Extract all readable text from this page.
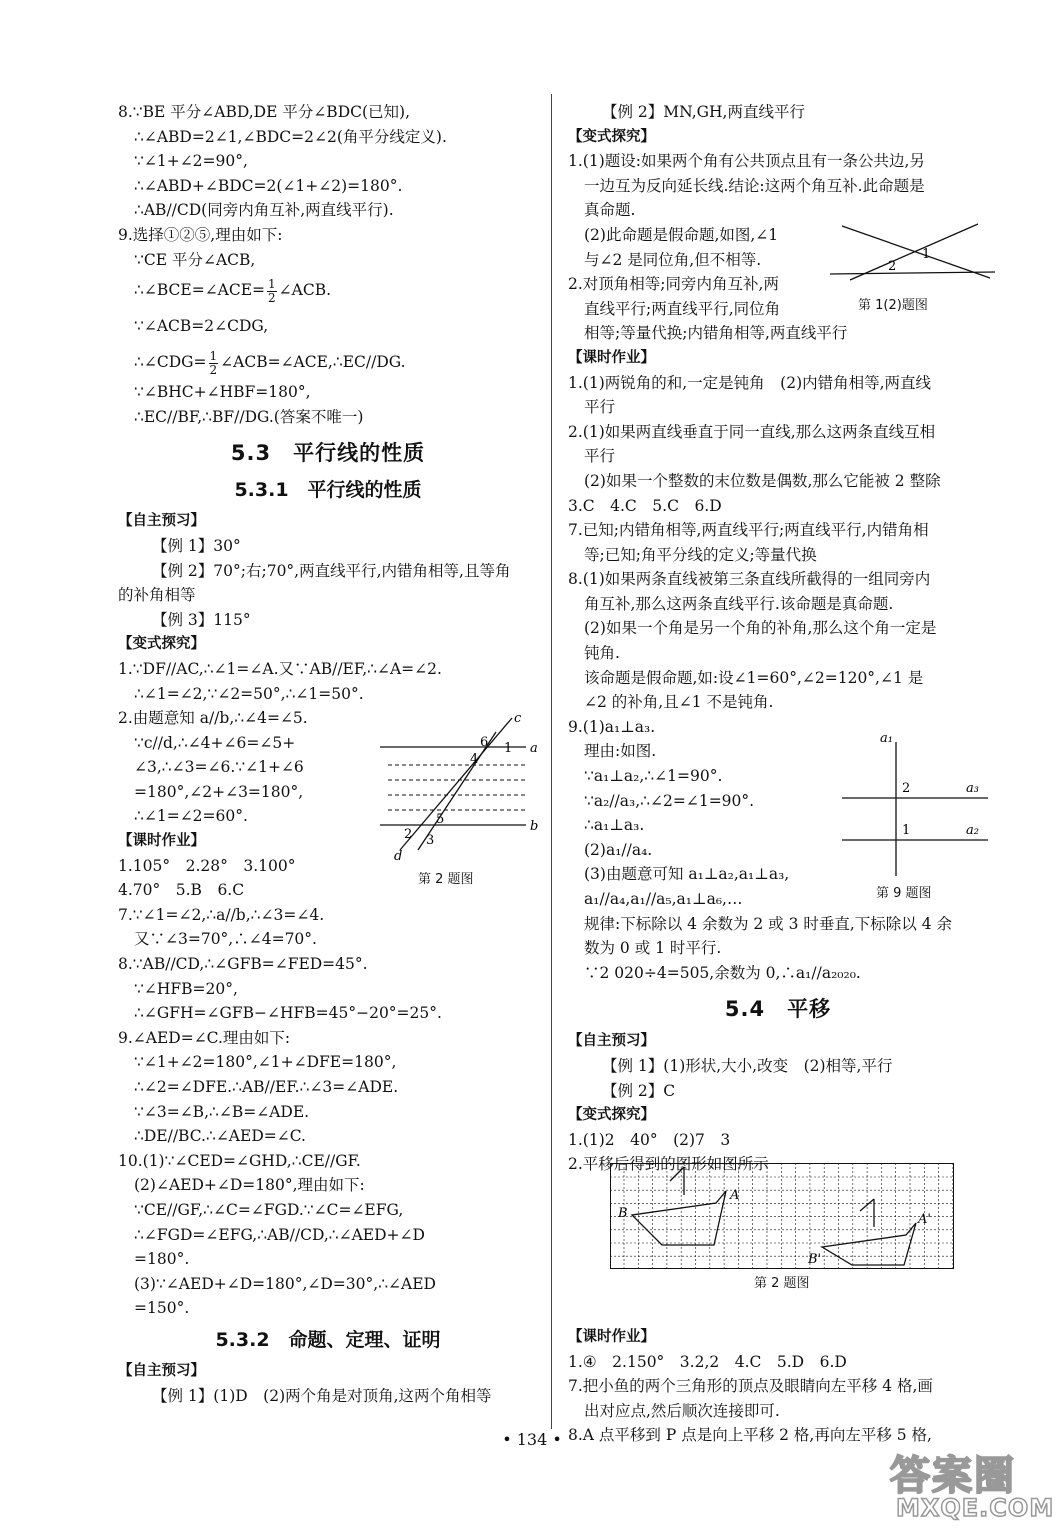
8.∵BE 平分∠ABD,DE 平分∠BDC(已知),
∴∠ABD=2∠1,∠BDC=2∠2(角平分线定义).
∵∠1+∠2=90°,
∴∠ABD+∠BDC=2(∠1+∠2)=180°.
∴AB//CD(同旁内角互补,两直线平行).
9.选择①②⑤,理由如下:
∵CE 平分∠ACB,
∴∠BCE=∠ACE= $\frac{1}{2}$ ∠ACB.
∵∠ACB=2∠CDG,
∴∠CDG= $\frac{1}{2}$ ∠ACB=∠ACE,∴EC//DG.
∵∠BHC+∠HBF=180°,
∴EC//BF,∴BF//DG.(答案不唯一)
5.3　平行线的性质
5.3.1　平行线的性质
【自主预习】
【例 1】30°
【例 2】70°;右;70°,两直线平行,内错角相等,且等角
的补角相等
【例 3】115°
【变式探究】
1.∵DF//AC,∴∠1=∠A.又∵AB//EF,∴∠A=∠2.
∴∠1=∠2,∵∠2=50°,∴∠1=50°.
2.由题意知 a//b,∴∠4=∠5.
∵c//d,∴∠4+∠6=∠5+
∠3,∴∠3=∠6.∵∠1+∠6
=180°,∠2+∠3=180°,
∴∠1=∠2=60°.
【课时作业】
1.105°　2.28°　3.100°
4.70°　5.B　6.C
7.∵∠1=∠2,∴a//b,∴∠3=∠4.
又∵∠3=70°,∴∠4=70°.
8.∵AB//CD,∴∠GFB=∠FED=45°.
∵∠HFB=20°,
∴∠GFH=∠GFB−∠HFB=45°−20°=25°.
9.∠AED=∠C.理由如下:
∵∠1+∠2=180°,∠1+∠DFE=180°,
∴∠2=∠DFE.∴AB//EF.∴∠3=∠ADE.
∵∠3=∠B,∴∠B=∠ADE.
∴DE//BC.∴∠AED=∠C.
10.(1)∵∠CED=∠GHD,∴CE//GF.
(2)∠AED+∠D=180°,理由如下:
∵CE//GF,∴∠C=∠FGD.∵∠C=∠EFG,
∴∠FGD=∠EFG,∴AB//CD,∴∠AED+∠D
=180°.
(3)∵∠AED+∠D=180°,∠D=30°,∴∠AED
=150°.
5.3.2　命题、定理、证明
【自主预习】
【例 1】(1)D　(2)两个角是对顶角,这两个角相等
【例 2】MN,GH,两直线平行
【变式探究】
1.(1)题设:如果两个角有公共顶点且有一条公共边,另
一边互为反向延长线.结论:这两个角互补.此命题是
真命题.
(2)此命题是假命题,如图,∠1
与∠2 是同位角,但不相等.
2.对顶角相等;同旁内角互补,两
直线平行;两直线平行,同位角
相等;等量代换;内错角相等,两直线平行
【课时作业】
1.(1)两锐角的和,一定是钝角　(2)内错角相等,两直线
平行
2.(1)如果两直线垂直于同一直线,那么这两条直线互相
平行
(2)如果一个整数的末位数是偶数,那么它能被 2 整除
3.C　4.C　5.C　6.D
7.已知;内错角相等,两直线平行;两直线平行,内错角相
等;已知;角平分线的定义;等量代换
8.(1)如果两条直线被第三条直线所截得的一组同旁内
角互补,那么这两条直线平行.该命题是真命题.
(2)如果一个角是另一个角的补角,那么这个角一定是
钝角.
该命题是假命题,如:设∠1=60°,∠2=120°,∠1 是
∠2 的补角,且∠1 不是钝角.
9.(1)a₁⊥a₃.
理由:如图.
∵a₁⊥a₂,∴∠1=90°.
∵a₂//a₃,∴∠2=∠1=90°.
∴a₁⊥a₃.
(2)a₁//a₄.
(3)由题意可知 a₁⊥a₂,a₁⊥a₃,
a₁//a₄,a₁//a₅,a₁⊥a₆,…
规律:下标除以 4 余数为 2 或 3 时垂直,下标除以 4 余
数为 0 或 1 时平行.
∵2 020÷4=505,余数为 0,∴a₁//a₂₀₂₀.
5.4　平移
【自主预习】
【例 1】(1)形状,大小,改变　(2)相等,平行
【例 2】C
【变式探究】
1.(1)2　40°　(2)7　3
2.平移后得到的图形如图所示
【课时作业】
1.④　2.150°　3.2,2　4.C　5.D　6.D
7.把小鱼的两个三角形的顶点及眼睛向左平移 4 格,画
出对应点,然后顺次连接即可.
8.A 点平移到 P 点是向上平移 2 格,再向左平移 5 格,
c
6 1 a
4
5	b
2 3
d
第 2 题图
1
2
第 1(2)题图
a₁
2	a₃
1	a₂
第 9 题图
A
B	A'
B'
第 2 题图
• 134 •
答案圈
MXQE.COM
